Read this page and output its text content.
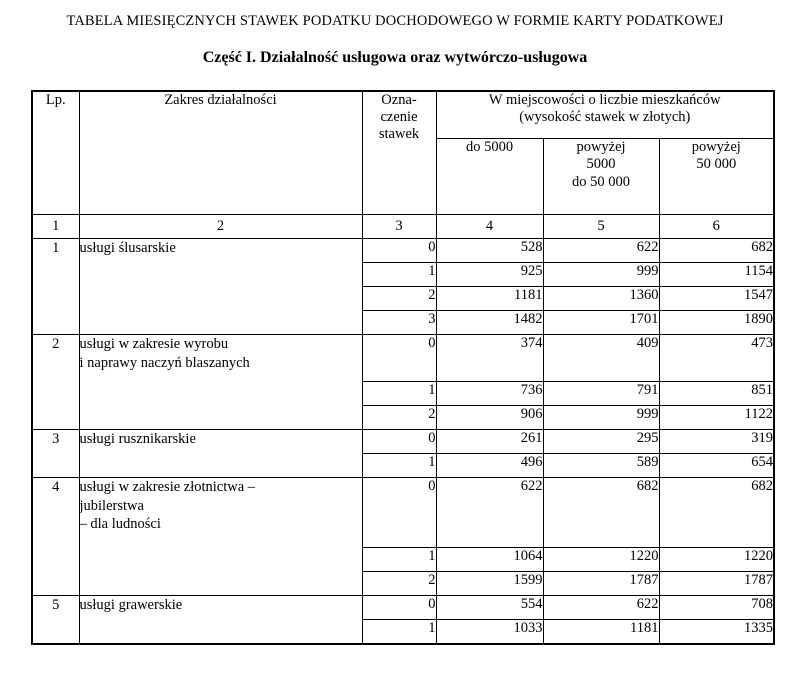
TABELA MIESIĘCZNYCH STAWEK PODATKU DOCHODOWEGO W FORMIE KARTY PODATKOWEJ
Część I. Działalność usługowa oraz wytwórczo-usługowa
Lp.	Zakres działalności	Ozna-
czenie
stawek	W miejscowości o liczbie mieszkańców
(wysokość stawek w złotych)		
			do 5000	powyżej
5000
do 50 000	powyżej
50 000
1	2	3	4	5	6
1	usługi ślusarskie	0	528	622	682
		1	925	999	1154
		2	1181	1360	1547
		3	1482	1701	1890
2	usługi w zakresie wyrobu
i naprawy naczyń blaszanych	0	374	409	473
		1	736	791	851
		2	906	999	1122
3	usługi rusznikarskie	0	261	295	319
		1	496	589	654
4	usługi w zakresie złotnictwa –
jubilerstwa
– dla ludności	0	622	682	682
		1	1064	1220	1220
		2	1599	1787	1787
5	usługi grawerskie	0	554	622	708
		1	1033	1181	1335
